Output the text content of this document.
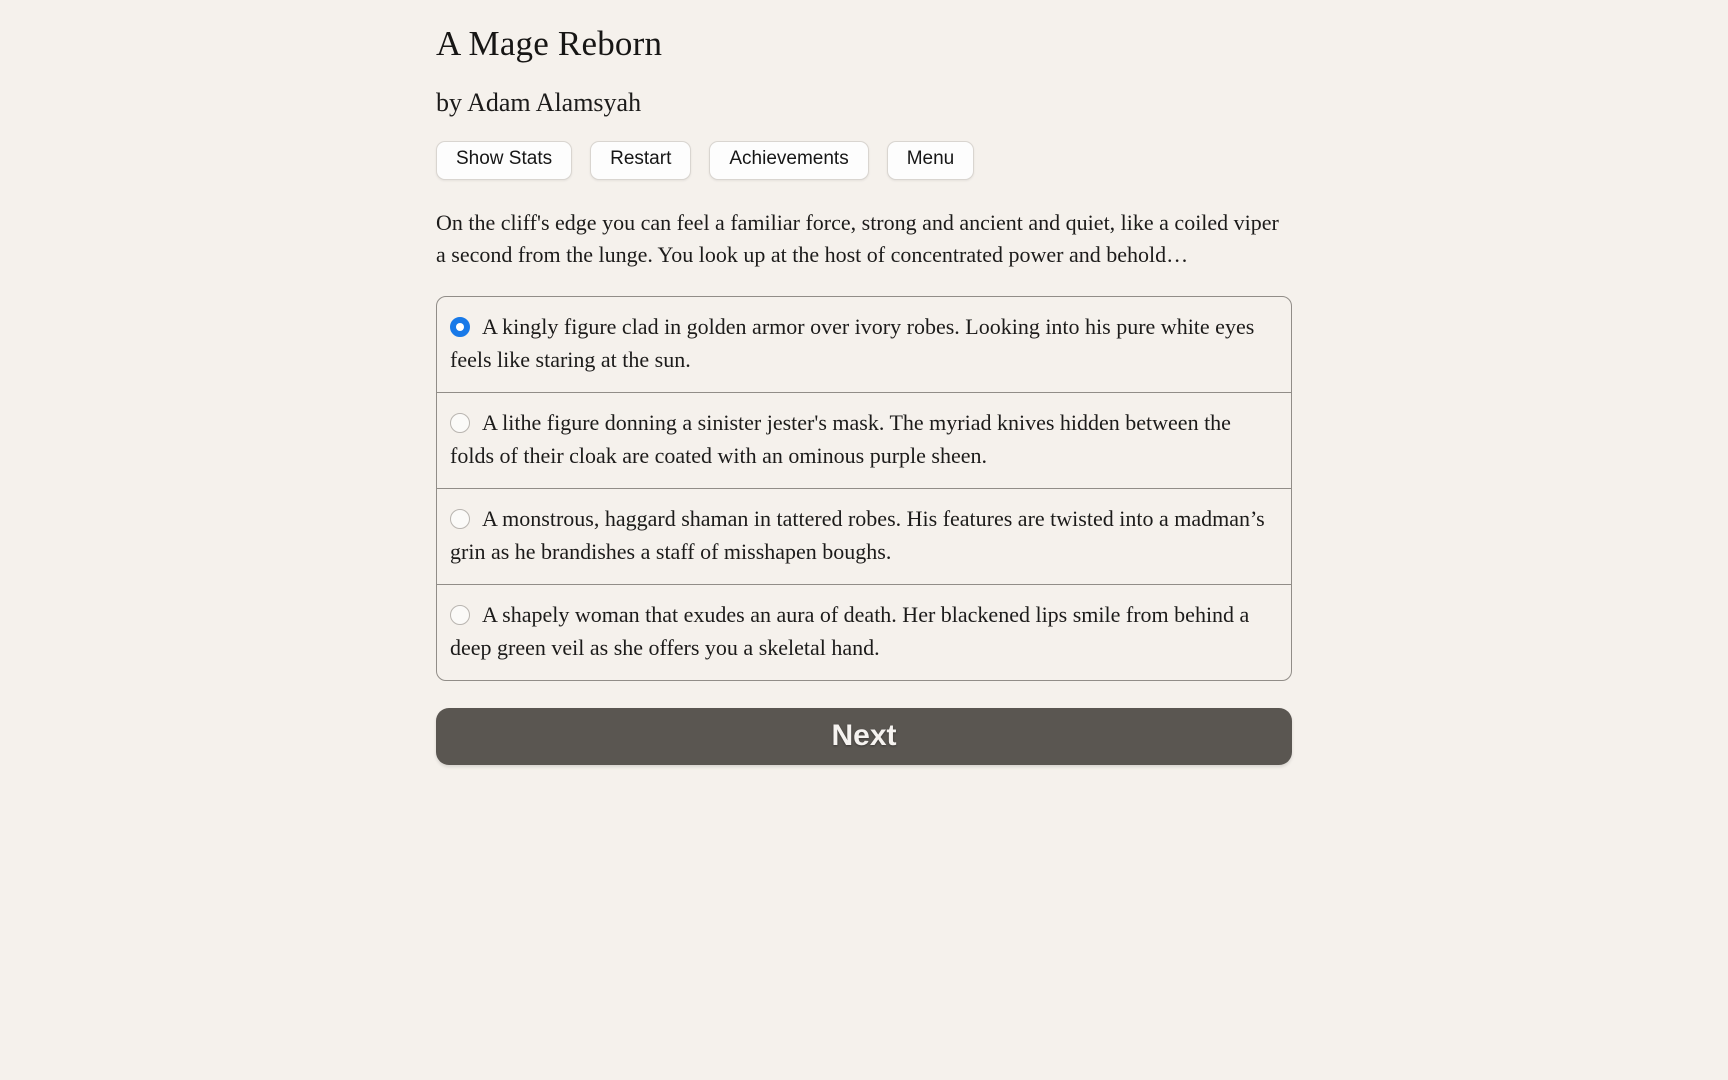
A Mage Reborn
by Adam Alamsyah
Show Stats	Restart	Achievements	Menu

On the cliff's edge you can feel a familiar force, strong and ancient and quiet, like a coiled viper a second from the lunge. You look up at the host of concentrated power and behold…

A kingly figure clad in golden armor over ivory robes. Looking into his pure white eyes feels like staring at the sun.
A lithe figure donning a sinister jester's mask. The myriad knives hidden between the folds of their cloak are coated with an ominous purple sheen.
A monstrous, haggard shaman in tattered robes. His features are twisted into a madman’s grin as he brandishes a staff of misshapen boughs.
A shapely woman that exudes an aura of death. Her blackened lips smile from behind a deep green veil as she offers you a skeletal hand.
Next
